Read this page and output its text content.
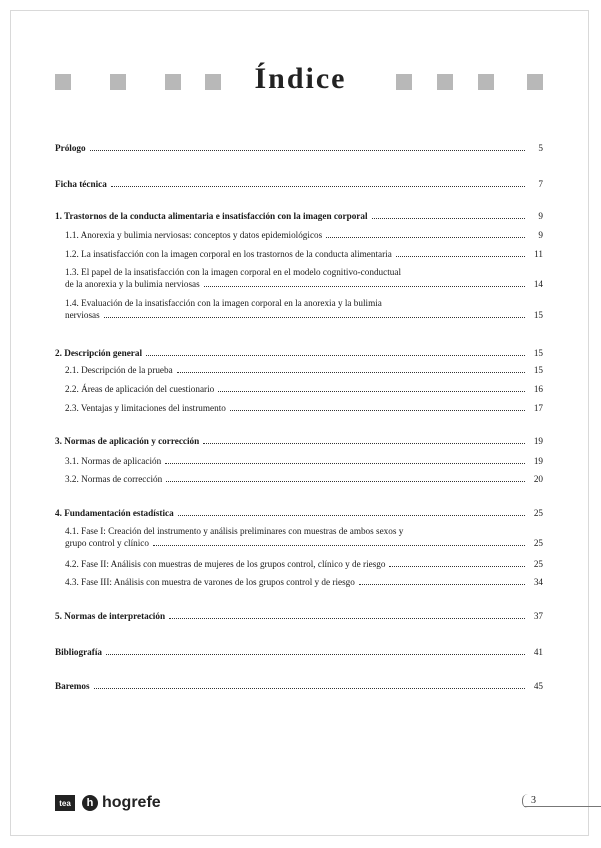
Índice
Prólogo	5
Ficha técnica	7
1. Trastornos de la conducta alimentaria e insatisfacción con la imagen corporal	9
1.1. Anorexia y bulimia nerviosas: conceptos y datos epidemiológicos	9
1.2. La insatisfacción con la imagen corporal en los trastornos de la conducta alimentaria	11
1.3. El papel de la insatisfacción con la imagen corporal en el modelo cognitivo-conductual
de la anorexia y la bulimia nerviosas	14
1.4. Evaluación de la insatisfacción con la imagen corporal en la anorexia y la bulimia
nerviosas	15
2. Descripción general	15
2.1. Descripción de la prueba	15
2.2. Áreas de aplicación del cuestionario	16
2.3. Ventajas y limitaciones del instrumento	17
3. Normas de aplicación y corrección	19
3.1. Normas de aplicación	19
3.2. Normas de corrección	20
4. Fundamentación estadística	25
4.1. Fase I: Creación del instrumento y análisis preliminares con muestras de ambos sexos y
grupo control y clínico	25
4.2. Fase II: Análisis con muestras de mujeres de los grupos control, clínico y de riesgo	25
4.3. Fase III: Análisis con muestra de varones de los grupos control y de riesgo	34
5. Normas de interpretación	37
Bibliografía	41
Baremos	45
tea	h hogrefe	3
